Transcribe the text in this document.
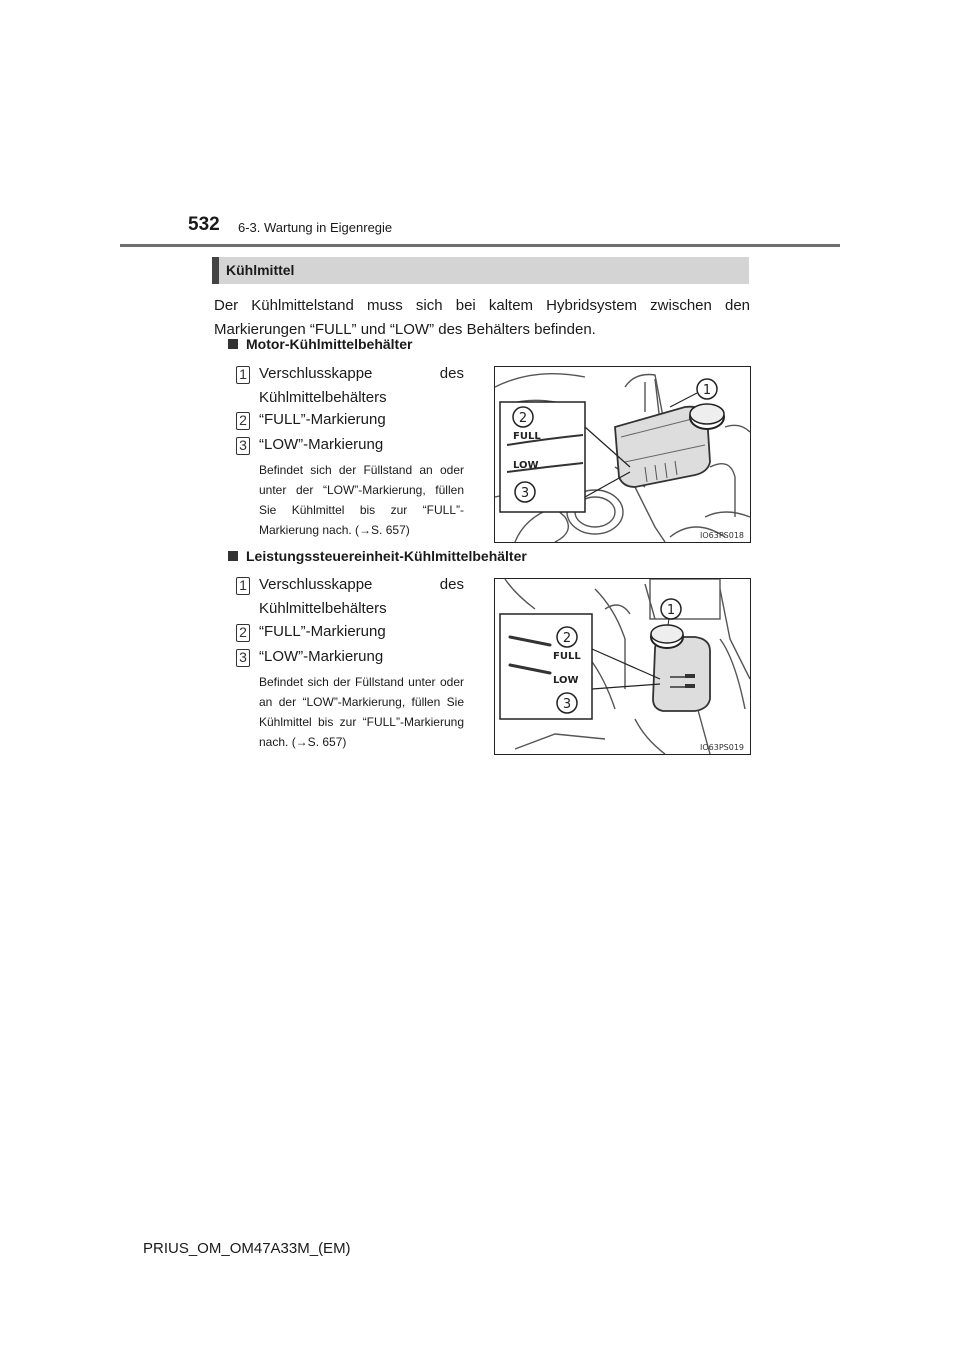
532 6-3. Wartung in Eigenregie
Kühlmittel
Der Kühlmittelstand muss sich bei kaltem Hybridsystem zwischen den Markierungen “FULL” und “LOW” des Behälters befinden.
Motor-Kühlmittelbehälter
1 Verschlusskappe des Kühlmittelbehälters
2 “FULL”-Markierung
3 “LOW”-Markierung
Befindet sich der Füllstand an oder unter der “LOW”-Markierung, füllen Sie Kühlmittel bis zur “FULL”-Markierung nach. (→S. 657)
FULL
LOW
1
2
3
IO63PS018
Leistungssteuereinheit-Kühlmittelbehälter
1 Verschlusskappe des Kühlmittelbehälters
2 “FULL”-Markierung
3 “LOW”-Markierung
Befindet sich der Füllstand unter oder an der “LOW”-Markierung, füllen Sie Kühlmittel bis zur “FULL”-Markierung nach. (→S. 657)
FULL
LOW
1
2
3
IO63PS019
PRIUS_OM_OM47A33M_(EM)
